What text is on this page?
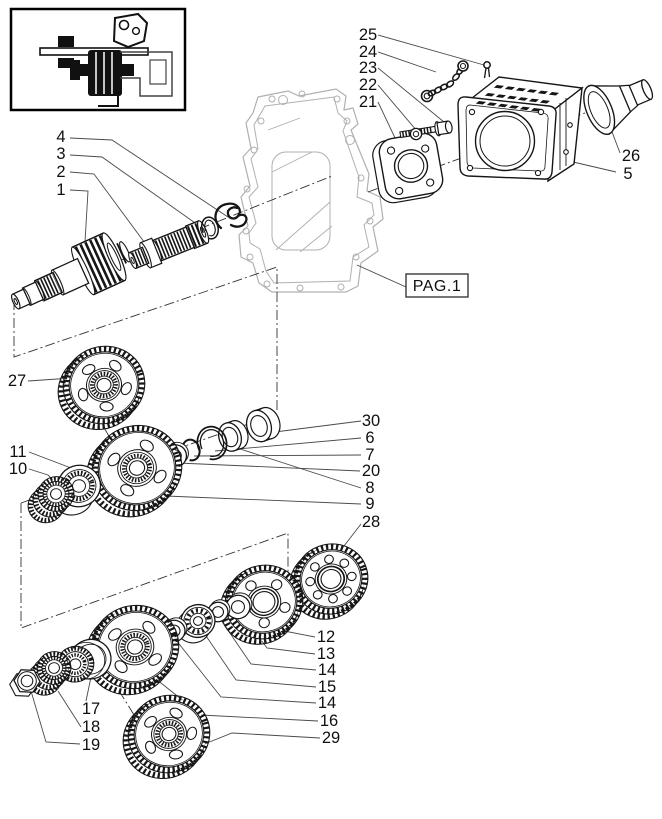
PAG.1
25
24
23
22
21
26
5
4
3
2
1
27
30
6
7
20
8
9
28
11
10
12
13
14
15
14
16
29
17
18
19
